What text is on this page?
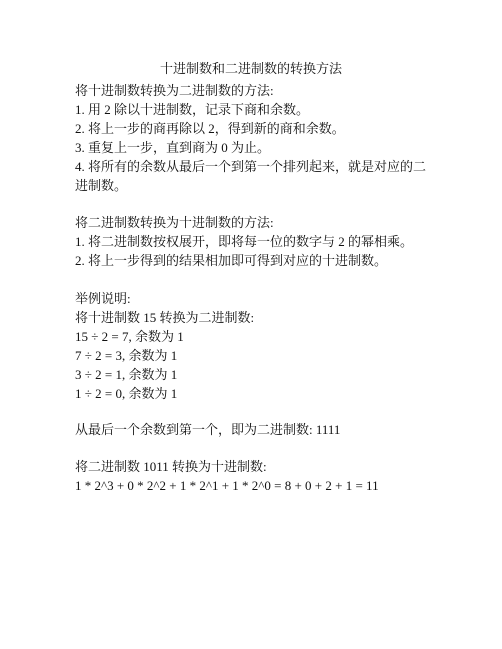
十进制数和二进制数的转换方法
将十进制数转换为二进制数的方法:
1. 用 2 除以十进制数，记录下商和余数。
2. 将上一步的商再除以 2，得到新的商和余数。
3. 重复上一步，直到商为 0 为止。
4. 将所有的余数从最后一个到第一个排列起来，就是对应的二
进制数。
将二进制数转换为十进制数的方法:
1. 将二进制数按权展开，即将每一位的数字与 2 的幂相乘。
2. 将上一步得到的结果相加即可得到对应的十进制数。
举例说明:
将十进制数 15 转换为二进制数:
15 ÷ 2 = 7, 余数为 1
7 ÷ 2 = 3, 余数为 1
3 ÷ 2 = 1, 余数为 1
1 ÷ 2 = 0, 余数为 1
从最后一个余数到第一个，即为二进制数: 1111
将二进制数 1011 转换为十进制数:
1 * 2^3 + 0 * 2^2 + 1 * 2^1 + 1 * 2^0 = 8 + 0 + 2 + 1 = 11
